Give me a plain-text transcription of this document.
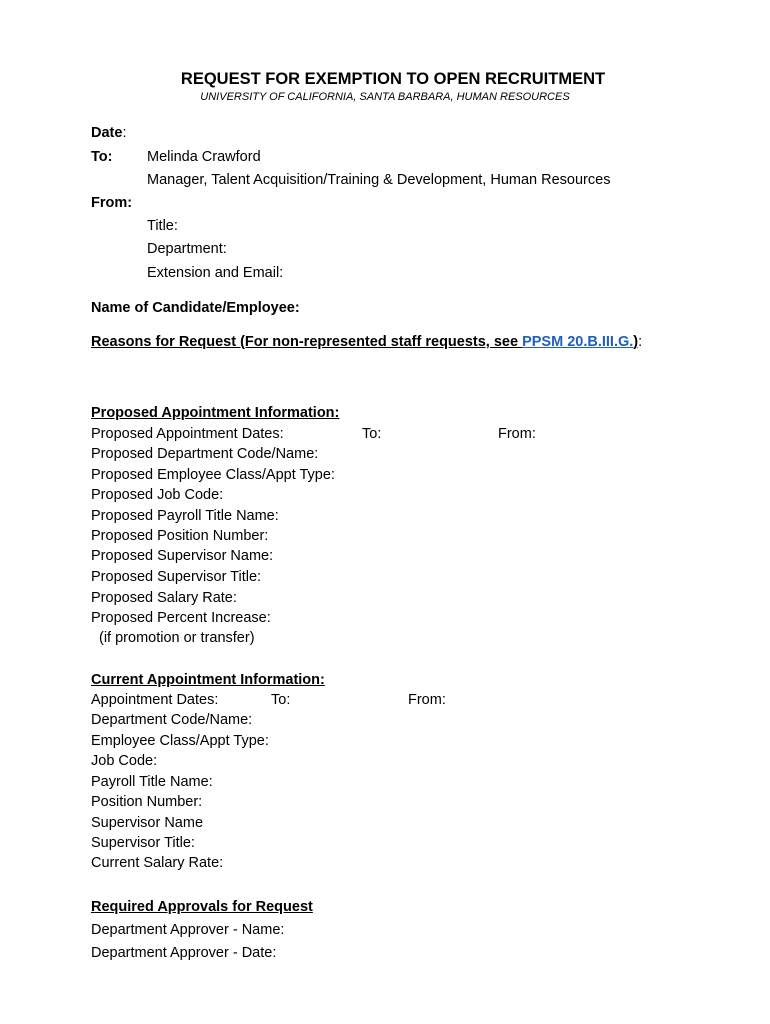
REQUEST FOR EXEMPTION TO OPEN RECRUITMENT
UNIVERSITY OF CALIFORNIA, SANTA BARBARA, HUMAN RESOURCES
Date:
To: Melinda Crawford
Manager, Talent Acquisition/Training & Development, Human Resources
From:
Title:
Department:
Extension and Email:
Name of Candidate/Employee:
Reasons for Request (For non-represented staff requests, see PPSM 20.B.III.G.):
Proposed Appointment Information:
Proposed Appointment Dates:	To:	From:
Proposed Department Code/Name:
Proposed Employee Class/Appt Type:
Proposed Job Code:
Proposed Payroll Title Name:
Proposed Position Number:
Proposed Supervisor Name:
Proposed Supervisor Title:
Proposed Salary Rate:
Proposed Percent Increase:
(if promotion or transfer)
Current Appointment Information:
Appointment Dates:	To:	From:
Department Code/Name:
Employee Class/Appt Type:
Job Code:
Payroll Title Name:
Position Number:
Supervisor Name
Supervisor Title:
Current Salary Rate:
Required Approvals for Request
Department Approver - Name:
Department Approver - Date:
